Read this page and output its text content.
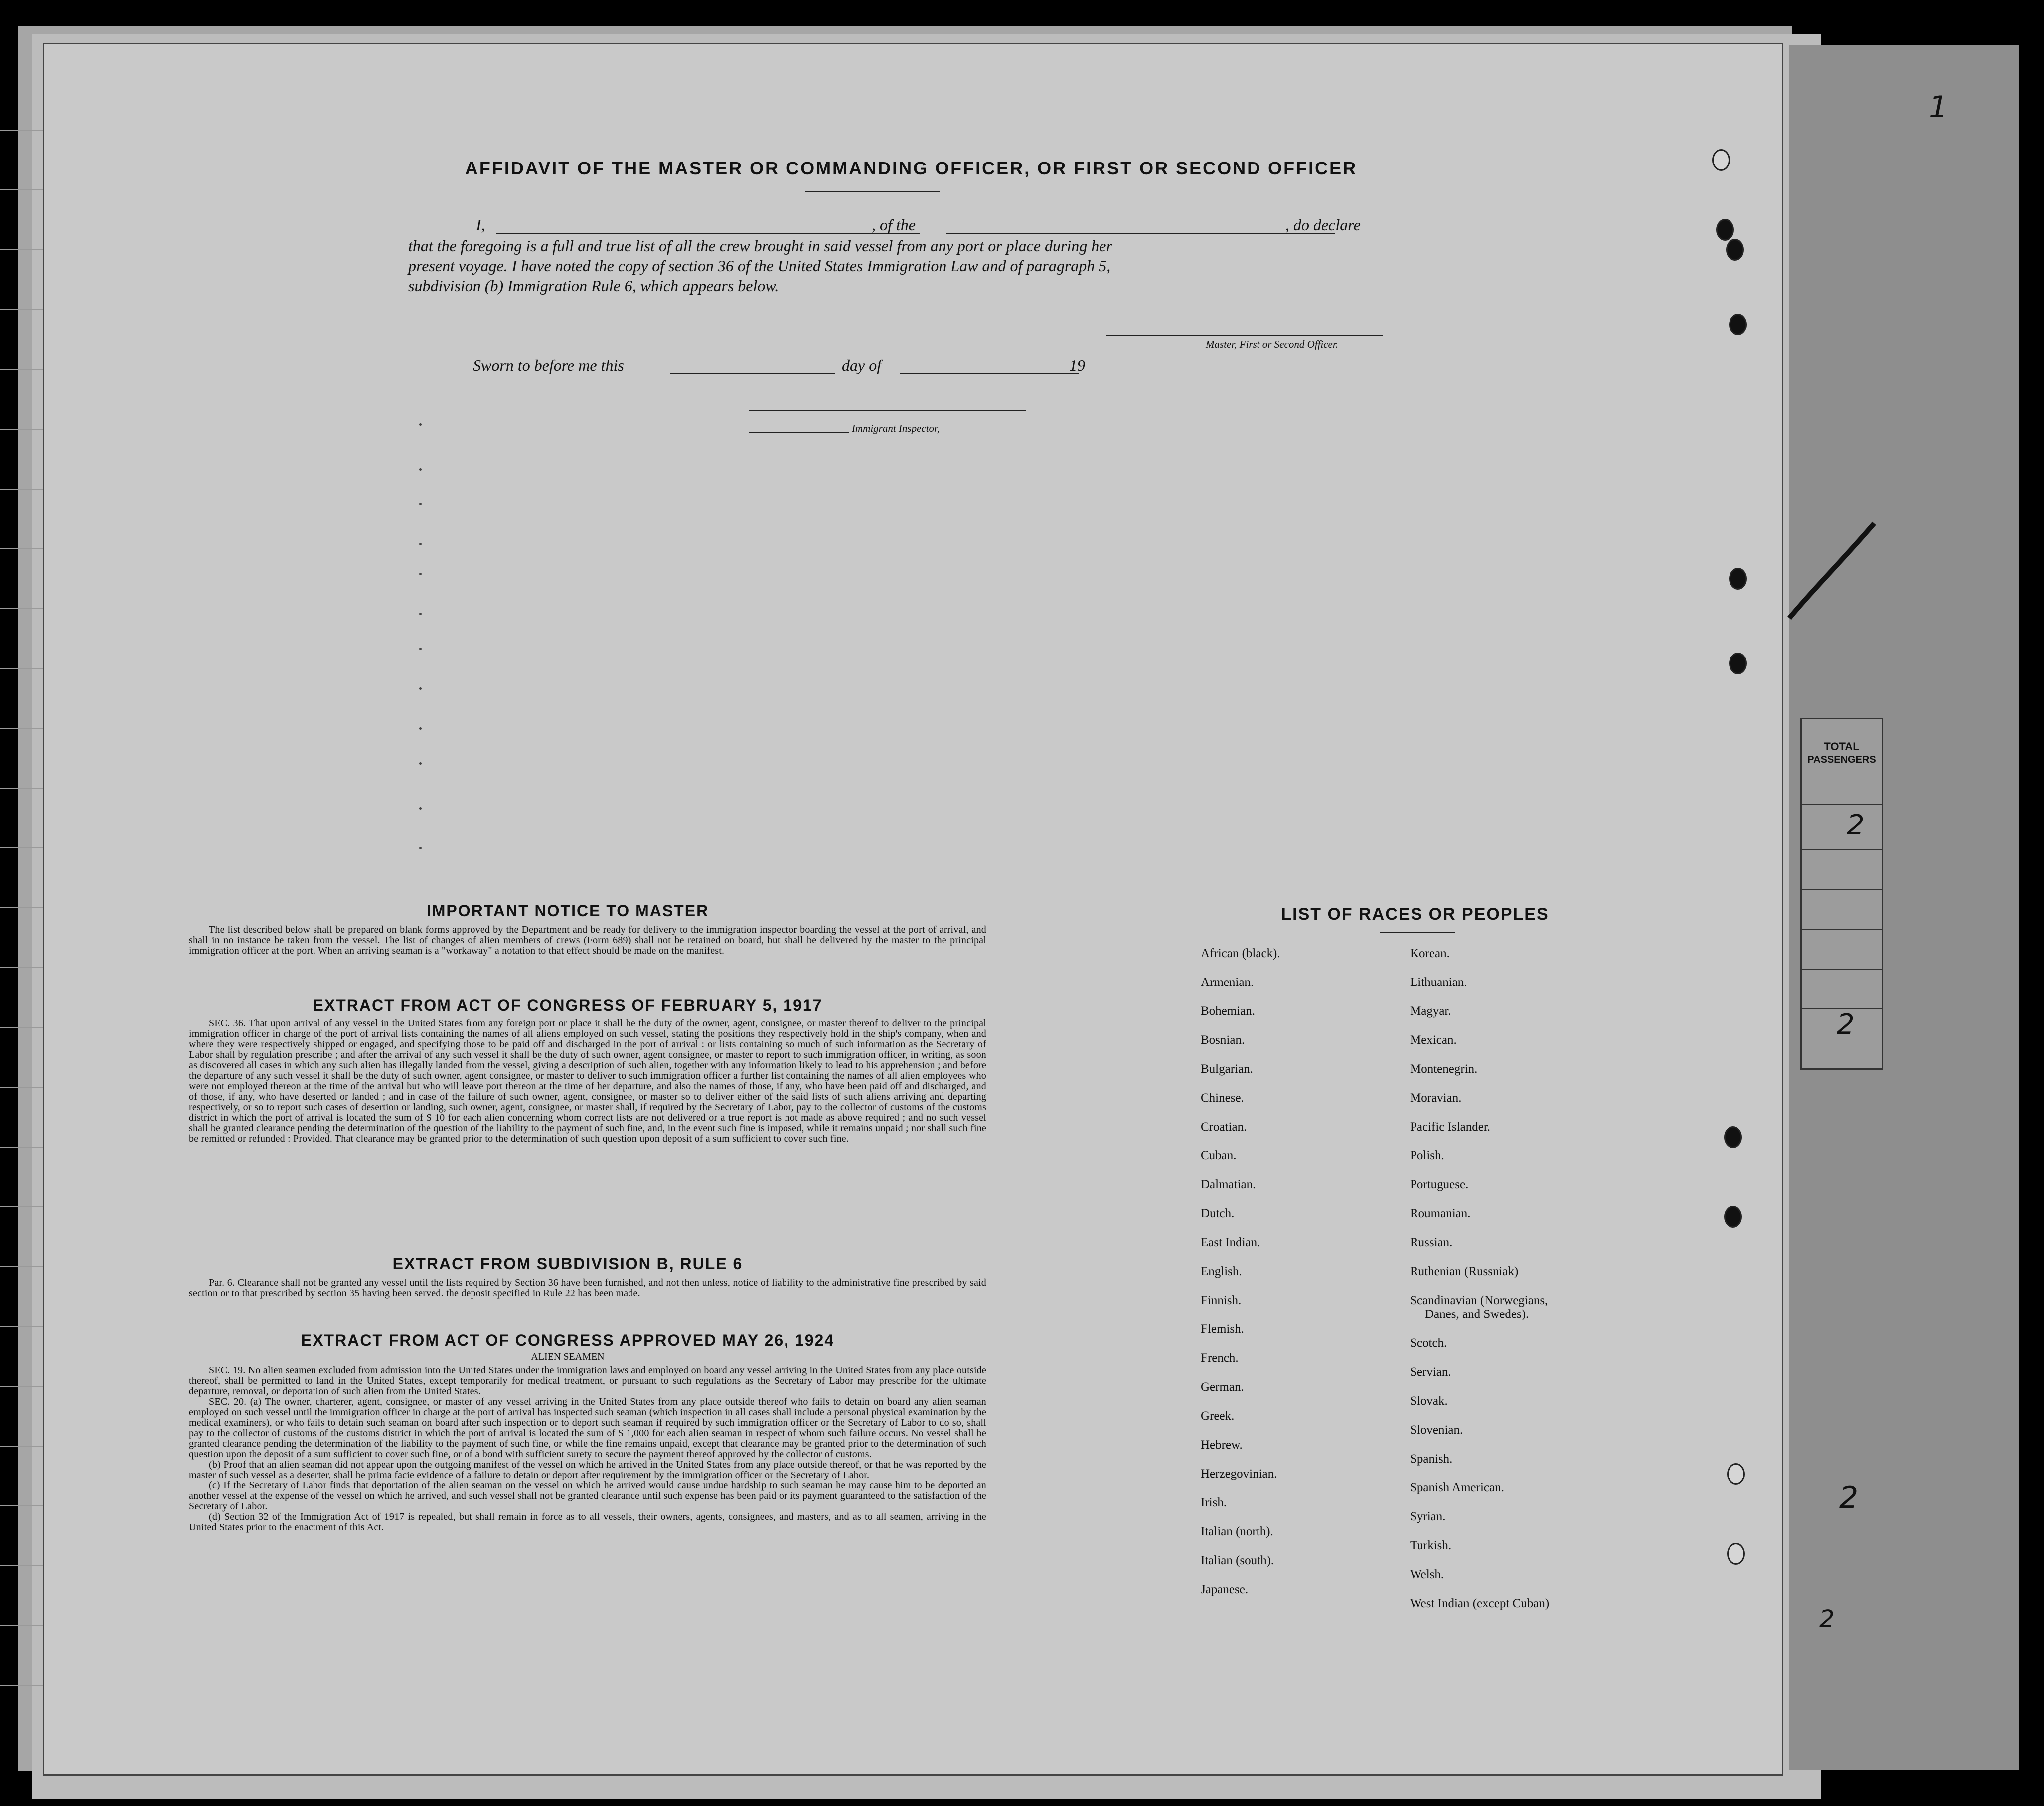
TOTAL
PASSENGERS
2
2
1
2
2
AFFIDAVIT OF THE MASTER OR COMMANDING OFFICER, OR FIRST OR SECOND OFFICER
I,	, of the	, do declare
that the foregoing is a full and true list of all the crew brought in said vessel from any port or place during her
present voyage. I have noted the copy of section 36 of the United States Immigration Law and of paragraph 5,
subdivision (b) Immigration Rule 6, which appears below.
Master, First or Second Officer.
Sworn to before me this	day of	19
Immigrant Inspector,
IMPORTANT NOTICE TO MASTER
The list described below shall be prepared on blank forms approved by the Department and be ready for delivery to the immigration inspector boarding the vessel at the port of arrival, and shall in no instance be taken from the vessel. The list of changes of alien members of crews (Form 689) shall not be retained on board, but shall be delivered by the master to the principal immigration officer at the port. When an arriving seaman is a "workaway" a notation to that effect should be made on the manifest.
EXTRACT FROM ACT OF CONGRESS OF FEBRUARY 5, 1917
SEC. 36. That upon arrival of any vessel in the United States from any foreign port or place it shall be the duty of the owner, agent, consignee, or master thereof to deliver to the principal immigration officer in charge of the port of arrival lists containing the names of all aliens employed on such vessel, stating the positions they respectively hold in the ship's company, when and where they were respectively shipped or engaged, and specifying those to be paid off and discharged in the port of arrival : or lists containing so much of such information as the Secretary of Labor shall by regulation prescribe ; and after the arrival of any such vessel it shall be the duty of such owner, agent consignee, or master to report to such immigration officer, in writing, as soon as discovered all cases in which any such alien has illegally landed from the vessel, giving a description of such alien, together with any information likely to lead to his apprehension ; and before the departure of any such vessel it shall be the duty of such owner, agent consignee, or master to deliver to such immigration officer a further list containing the names of all alien employees who were not employed thereon at the time of the arrival but who will leave port thereon at the time of her departure, and also the names of those, if any, who have been paid off and discharged, and of those, if any, who have deserted or landed ; and in case of the failure of such owner, agent, consignee, or master so to deliver either of the said lists of such aliens arriving and departing respectively, or so to report such cases of desertion or landing, such owner, agent, consignee, or master shall, if required by the Secretary of Labor, pay to the collector of customs of the customs district in which the port of arrival is located the sum of $ 10 for each alien concerning whom correct lists are not delivered or a true report is not made as above required ; and no such vessel shall be granted clearance pending the determination of the question of the liability to the payment of such fine, and, in the event such fine is imposed, while it remains unpaid ; nor shall such fine be remitted or refunded : Provided. That clearance may be granted prior to the determination of such question upon deposit of a sum sufficient to cover such fine.
EXTRACT FROM SUBDIVISION B, RULE 6
Par. 6. Clearance shall not be granted any vessel until the lists required by Section 36 have been furnished, and not then unless, notice of liability to the administrative fine prescribed by said section or to that prescribed by section 35 having been served. the deposit specified in Rule 22 has been made.
EXTRACT FROM ACT OF CONGRESS APPROVED MAY 26, 1924
ALIEN SEAMEN
SEC. 19. No alien seamen excluded from admission into the United States under the immigration laws and employed on board any vessel arriving in the United States from any place outside thereof, shall be permitted to land in the United States, except temporarily for medical treatment, or pursuant to such regulations as the Secretary of Labor may prescribe for the ultimate departure, removal, or deportation of such alien from the United States.
SEC. 20. (a) The owner, charterer, agent, consignee, or master of any vessel arriving in the United States from any place outside thereof who fails to detain on board any alien seaman employed on such vessel until the immigration officer in charge at the port of arrival has inspected such seaman (which inspection in all cases shall include a personal physical examination by the medical examiners), or who fails to detain such seaman on board after such inspection or to deport such seaman if required by such immigration officer or the Secretary of Labor to do so, shall pay to the collector of customs of the customs district in which the port of arrival is located the sum of $ 1,000 for each alien seaman in respect of whom such failure occurs. No vessel shall be granted clearance pending the determination of the liability to the payment of such fine, or while the fine remains unpaid, except that clearance may be granted prior to the determination of such question upon the deposit of a sum sufficient to cover such fine, or of a bond with sufficient surety to secure the payment thereof approved by the collector of customs.
(b) Proof that an alien seaman did not appear upon the outgoing manifest of the vessel on which he arrived in the United States from any place outside thereof, or that he was reported by the master of such vessel as a deserter, shall be prima facie evidence of a failure to detain or deport after requirement by the immigration officer or the Secretary of Labor.
(c) If the Secretary of Labor finds that deportation of the alien seaman on the vessel on which he arrived would cause undue hardship to such seaman he may cause him to be deported an another vessel at the expense of the vessel on which he arrived, and such vessel shall not be granted clearance until such expense has been paid or its payment guaranteed to the satisfaction of the Secretary of Labor.
(d) Section 32 of the Immigration Act of 1917 is repealed, but shall remain in force as to all vessels, their owners, agents, consignees, and masters, and as to all seamen, arriving in the United States prior to the enactment of this Act.
LIST OF RACES OR PEOPLES
African (black).
Armenian.
Bohemian.
Bosnian.
Bulgarian.
Chinese.
Croatian.
Cuban.
Dalmatian.
Dutch.
East Indian.
English.
Finnish.
Flemish.
French.
German.
Greek.
Hebrew.
Herzegovinian.
Irish.
Italian (north).
Italian (south).
Japanese.
Korean.
Lithuanian.
Magyar.
Mexican.
Montenegrin.
Moravian.
Pacific Islander.
Polish.
Portuguese.
Roumanian.
Russian.
Ruthenian (Russniak)
Scandinavian (Norwegians,
Danes, and Swedes).
Scotch.
Servian.
Slovak.
Slovenian.
Spanish.
Spanish American.
Syrian.
Turkish.
Welsh.
West Indian (except Cuban)
